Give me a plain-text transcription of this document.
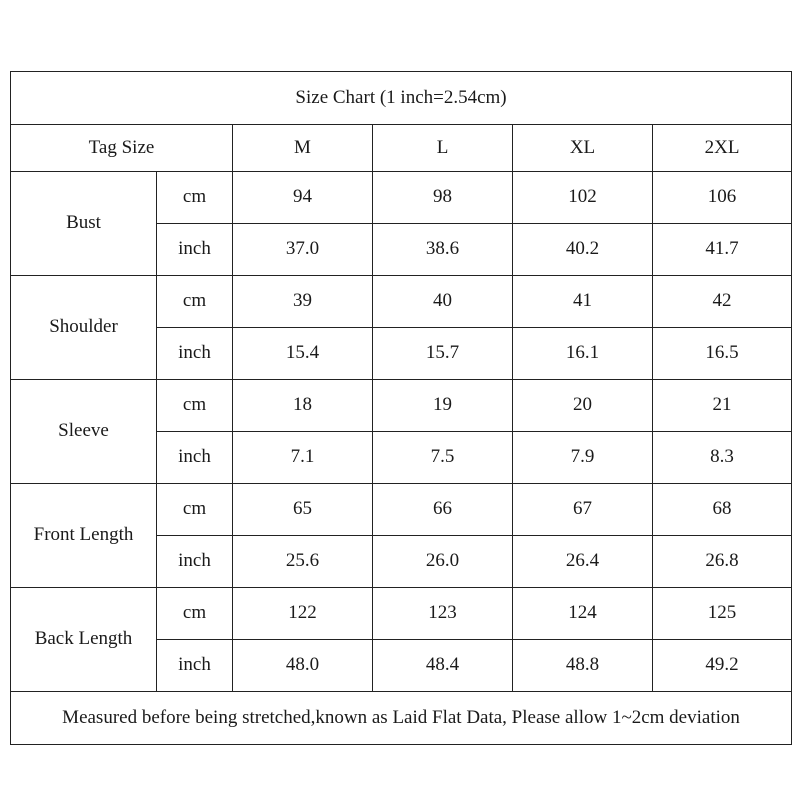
Size Chart (1 inch=2.54cm)					
Tag Size		M	L	XL	2XL
Bust	cm	94	98	102	106
	inch	37.0	38.6	40.2	41.7
Shoulder	cm	39	40	41	42
	inch	15.4	15.7	16.1	16.5
Sleeve	cm	18	19	20	21
	inch	7.1	7.5	7.9	8.3
Front Length	cm	65	66	67	68
	inch	25.6	26.0	26.4	26.8
Back Length	cm	122	123	124	125
	inch	48.0	48.4	48.8	49.2
Measured before being stretched,known as Laid Flat Data, Please allow 1~2cm deviation					
